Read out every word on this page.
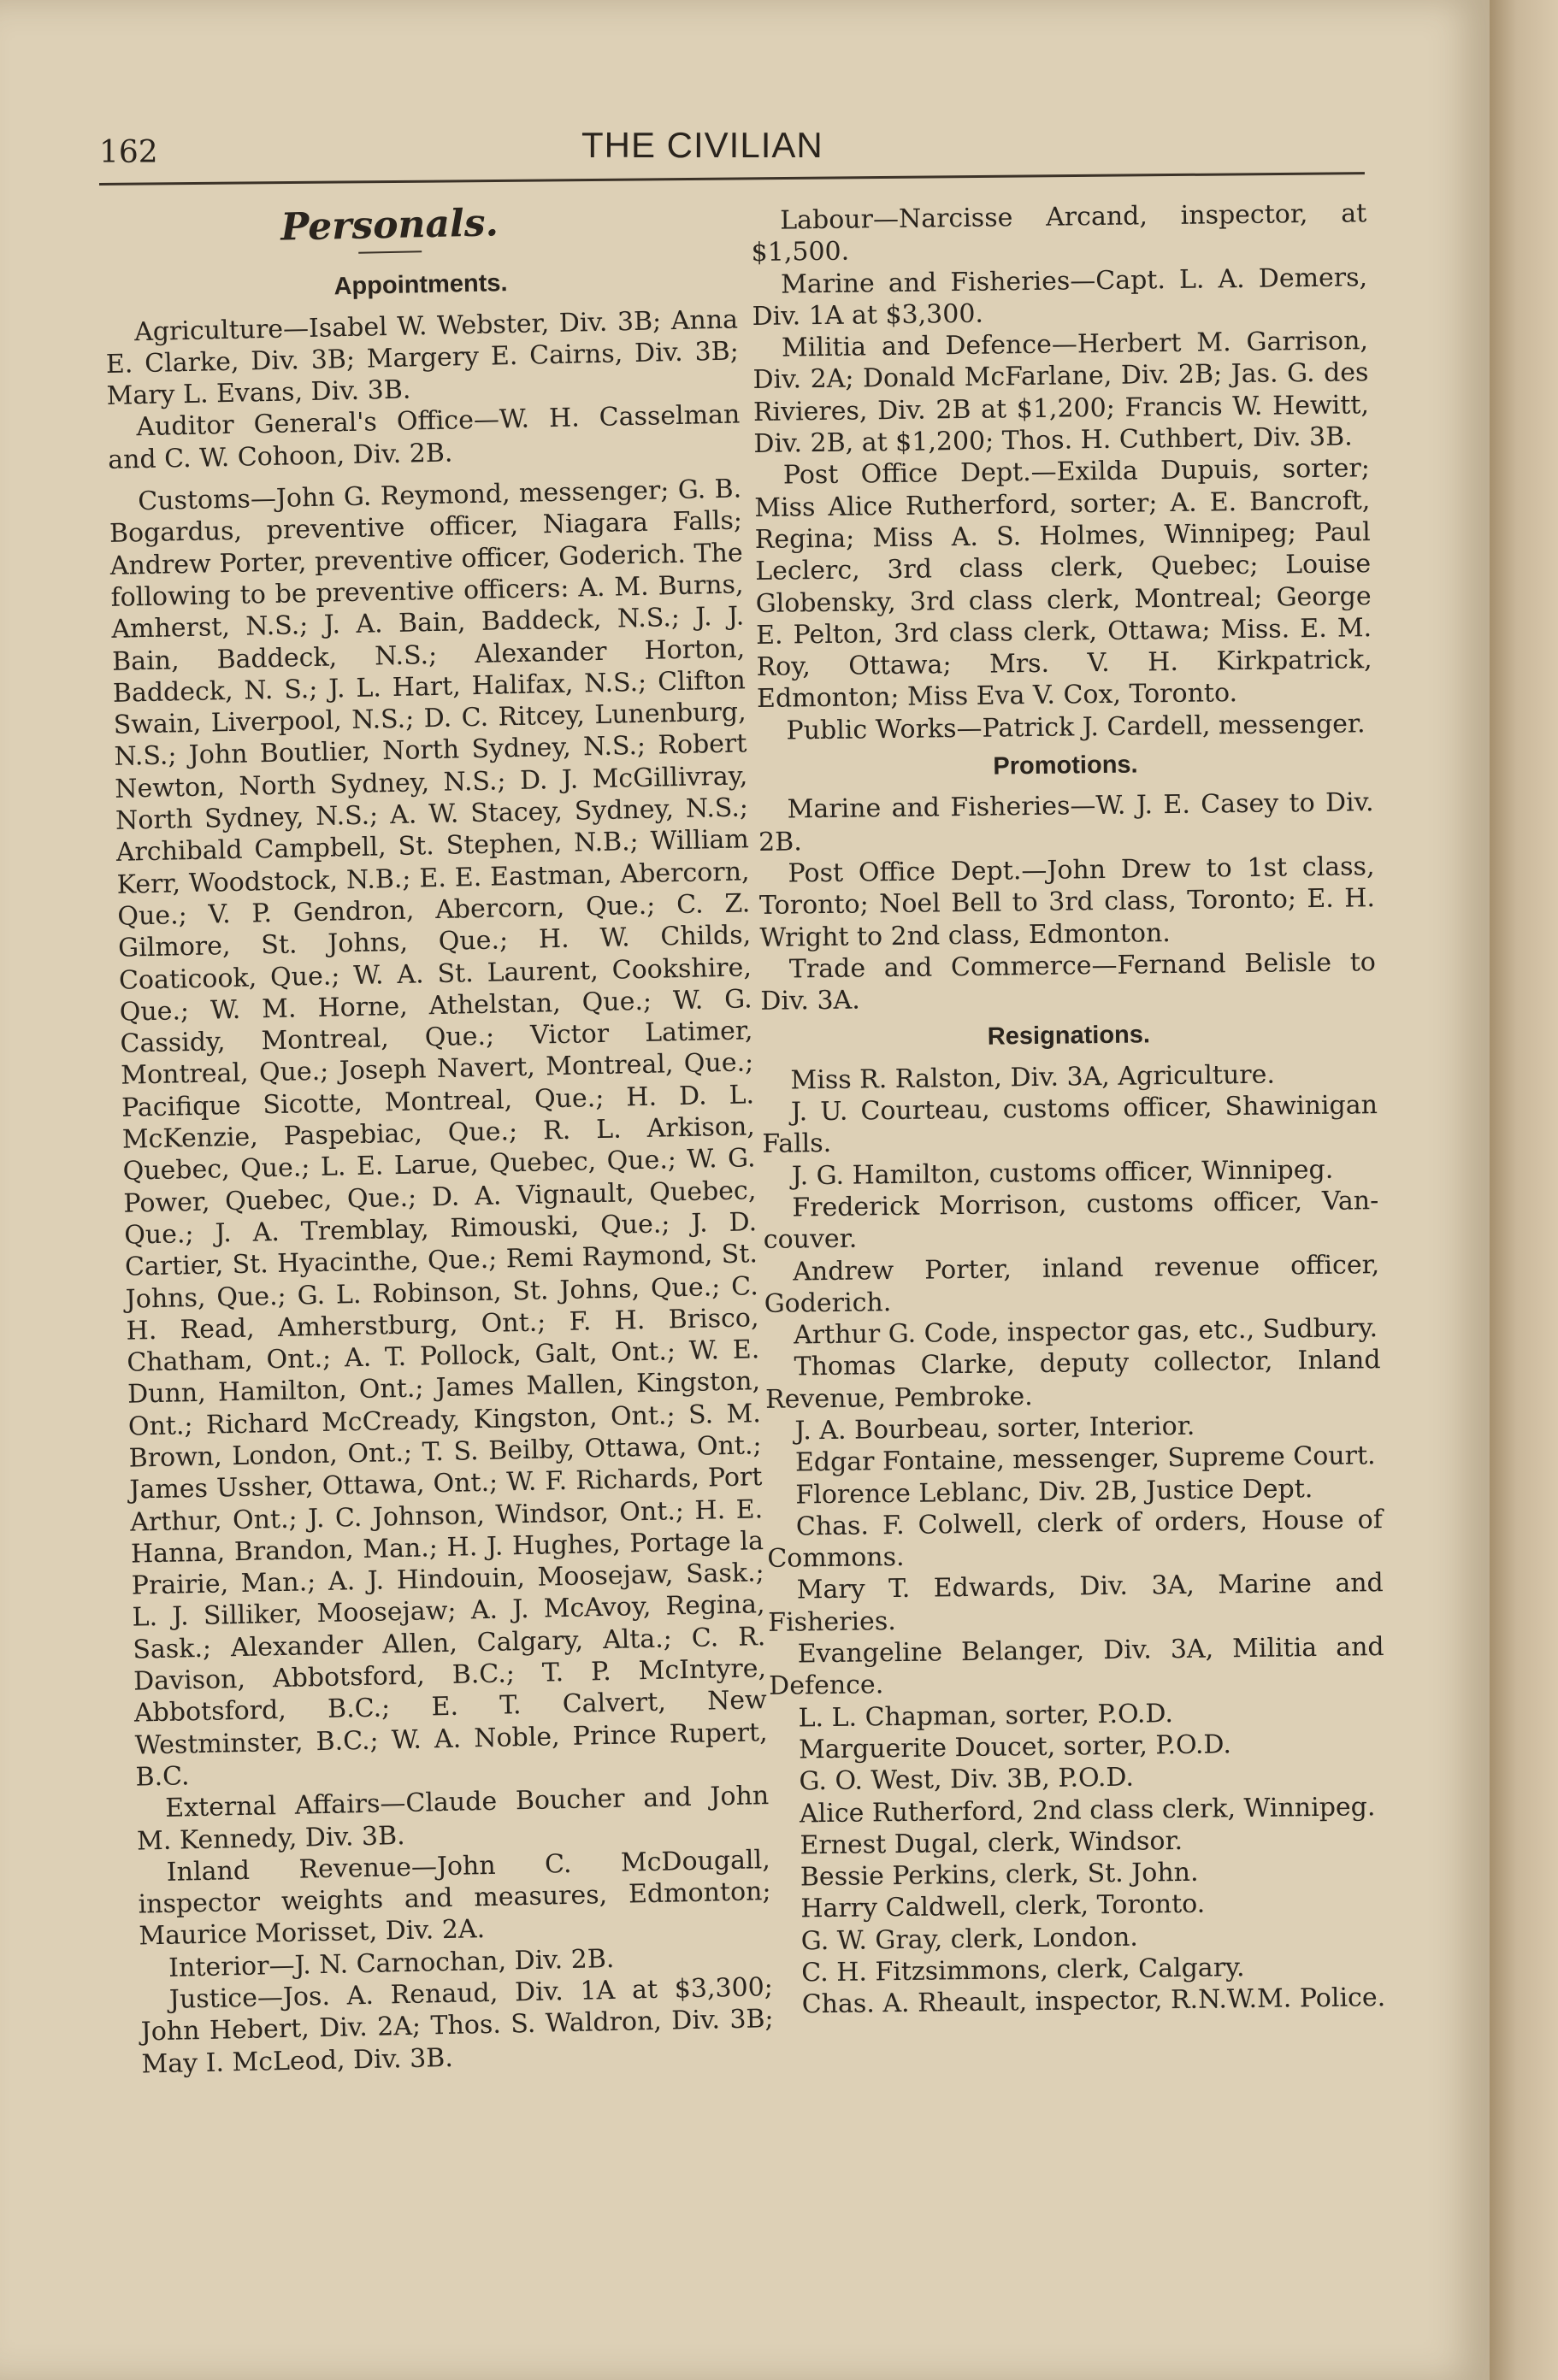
162	THE CIVILIAN
Personals.
Appointments.

Agriculture—Isabel W. Webster, Div. 3B; Anna E. Clarke, Div. 3B; Margery E. Cairns, Div. 3B; Mary L. Evans, Div. 3B.

Auditor General's Office—W. H. Casselman and C. W. Cohoon, Div. 2B.

Customs—John G. Reymond, messenger; G. B. Bogardus, preventive officer, Niagara Falls; Andrew Porter, preventive officer, Goderich. The following to be preventive officers: A. M. Burns, Amherst, N.S.; J. A. Bain, Baddeck, N.S.; J. J. Bain, Baddeck, N.S.; Alexander Horton, Baddeck, N. S.; J. L. Hart, Halifax, N.S.; Clifton Swain, Liverpool, N.S.; D. C. Ritcey, Lunenburg, N.S.; John Boutlier, North Sydney, N.S.; Robert Newton, North Sydney, N.S.; D. J. McGillivray, North Sydney, N.S.; A. W. Stacey, Sydney, N.S.; Archibald Campbell, St. Stephen, N.B.; William Kerr, Woodstock, N.B.; E. E. Eastman, Abercorn, Que.; V. P. Gendron, Abercorn, Que.; C. Z. Gilmore, St. Johns, Que.; H. W. Childs, Coaticook, Que.; W. A. St. Laurent, Cookshire, Que.; W. M. Horne, Athelstan, Que.; W. G. Cassidy, Montreal, Que.; Victor Latimer, Montreal, Que.; Joseph Navert, Montreal, Que.; Pacifique Sicotte, Montreal, Que.; H. D. L. McKenzie, Paspebiac, Que.; R. L. Arkison, Quebec, Que.; L. E. Larue, Quebec, Que.; W. G. Power, Quebec, Que.; D. A. Vignault, Quebec, Que.; J. A. Tremblay, Rimouski, Que.; J. D. Cartier, St. Hyacinthe, Que.; Remi Raymond, St. Johns, Que.; G. L. Robinson, St. Johns, Que.; C. H. Read, Amherstburg, Ont.; F. H. Brisco, Chatham, Ont.; A. T. Pollock, Galt, Ont.; W. E. Dunn, Hamilton, Ont.; James Mallen, Kingston, Ont.; Richard McCready, Kingston, Ont.; S. M. Brown, London, Ont.; T. S. Beilby, Ottawa, Ont.; James Ussher, Ottawa, Ont.; W. F. Richards, Port Arthur, Ont.; J. C. Johnson, Windsor, Ont.; H. E. Hanna, Brandon, Man.; H. J. Hughes, Portage la Prairie, Man.; A. J. Hindouin, Moosejaw, Sask.; L. J. Silliker, Moosejaw; A. J. McAvoy, Regina, Sask.; Alexander Allen, Calgary, Alta.; C. R. Davison, Abbotsford, B.C.; T. P. McIntyre, Abbotsford, B.C.; E. T. Calvert, New Westminster, B.C.; W. A. Noble, Prince Rupert, B.C.

External Affairs—Claude Boucher and John M. Kennedy, Div. 3B.

Inland Revenue—John C. McDougall, inspector weights and measures, Edmonton; Maurice Morisset, Div. 2A.

Interior—J. N. Carnochan, Div. 2B.

Justice—Jos. A. Renaud, Div. 1A at $3,300; John Hebert, Div. 2A; Thos. S. Waldron, Div. 3B; May I. McLeod, Div. 3B.

Labour—Narcisse Arcand, inspector, at $1,500.

Marine and Fisheries—Capt. L. A. Demers, Div. 1A at $3,300.

Militia and Defence—Herbert M. Garrison, Div. 2A; Donald McFarlane, Div. 2B; Jas. G. des Rivieres, Div. 2B at $1,200; Francis W. Hewitt, Div. 2B, at $1,200; Thos. H. Cuthbert, Div. 3B.

Post Office Dept.—Exilda Dupuis, sorter; Miss Alice Rutherford, sorter; A. E. Bancroft, Regina; Miss A. S. Holmes, Winnipeg; Paul Leclerc, 3rd class clerk, Quebec; Louise Globensky, 3rd class clerk, Montreal; George E. Pelton, 3rd class clerk, Ottawa; Miss. E. M. Roy, Ottawa; Mrs. V. H. Kirkpatrick, Edmonton; Miss Eva V. Cox, Toronto.

Public Works—Patrick J. Cardell, messenger.

Promotions.

Marine and Fisheries—W. J. E. Casey to Div. 2B.

Post Office Dept.—John Drew to 1st class, Toronto; Noel Bell to 3rd class, Toronto; E. H. Wright to 2nd class, Edmonton.

Trade and Commerce—Fernand Belisle to Div. 3A.

Resignations.

Miss R. Ralston, Div. 3A, Agriculture.

J. U. Courteau, customs officer, Shawinigan Falls.

J. G. Hamilton, customs officer, Winnipeg.

Frederick Morrison, customs officer, Vancouver.

Andrew Porter, inland revenue officer, Goderich.

Arthur G. Code, inspector gas, etc., Sudbury.

Thomas Clarke, deputy collector, Inland Revenue, Pembroke.

J. A. Bourbeau, sorter, Interior.

Edgar Fontaine, messenger, Supreme Court.

Florence Leblanc, Div. 2B, Justice Dept.

Chas. F. Colwell, clerk of orders, House of Commons.

Mary T. Edwards, Div. 3A, Marine and Fisheries.

Evangeline Belanger, Div. 3A, Militia and Defence.

L. L. Chapman, sorter, P.O.D.

Marguerite Doucet, sorter, P.O.D.

G. O. West, Div. 3B, P.O.D.

Alice Rutherford, 2nd class clerk, Winnipeg.

Ernest Dugal, clerk, Windsor.

Bessie Perkins, clerk, St. John.

Harry Caldwell, clerk, Toronto.

G. W. Gray, clerk, London.

C. H. Fitzsimmons, clerk, Calgary.

Chas. A. Rheault, inspector, R.N.W.M. Police.
